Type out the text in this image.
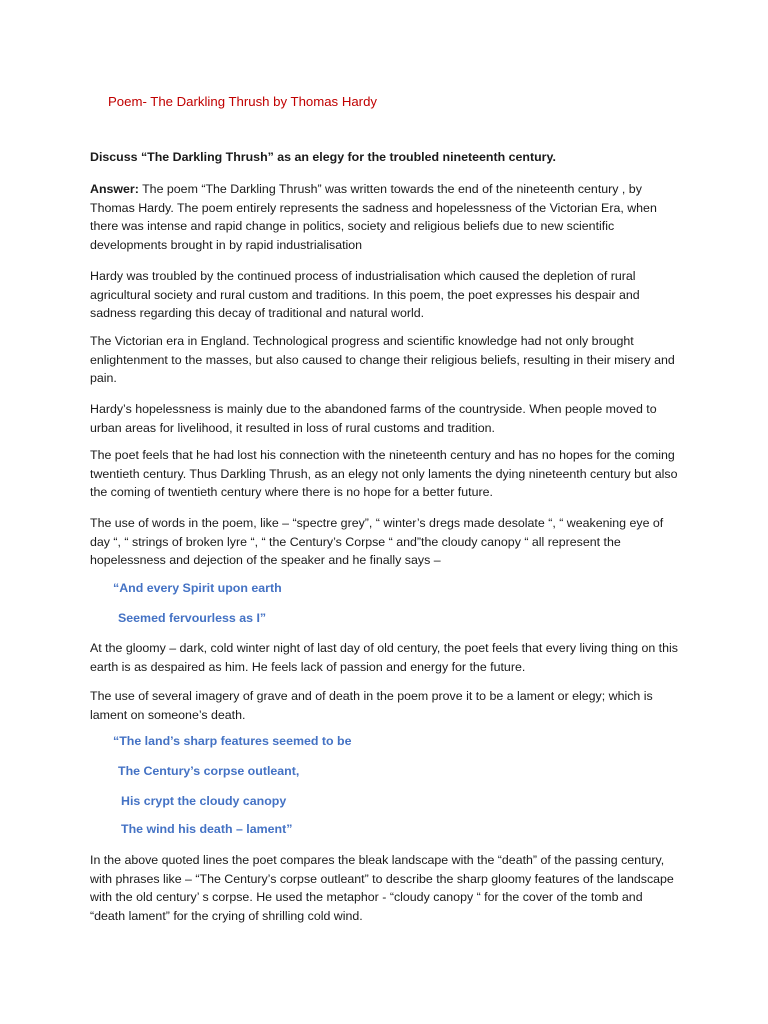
Poem- The Darkling Thrush by Thomas Hardy
Discuss “The Darkling Thrush” as an elegy for the troubled nineteenth century.

Answer: The poem “The Darkling Thrush” was written towards the end of the nineteenth century , by Thomas Hardy. The poem entirely represents the sadness and hopelessness of the Victorian Era, when there was intense and rapid change in politics, society and religious beliefs due to new scientific developments brought in by rapid industrialisation

Hardy was troubled by the continued process of industrialisation which caused the depletion of rural agricultural society and rural custom and traditions. In this poem, the poet expresses his despair and sadness regarding this decay of traditional and natural world.

The Victorian era in England. Technological progress and scientific knowledge had not only brought enlightenment to the masses, but also caused to change their religious beliefs, resulting in their misery and pain.

Hardy’s hopelessness is mainly due to the abandoned farms of the countryside. When people moved to urban areas for livelihood, it resulted in loss of rural customs and tradition.

The poet feels that he had lost his connection with the nineteenth century and has no hopes for the coming twentieth century. Thus Darkling Thrush, as an elegy not only laments the dying nineteenth century but also the coming of twentieth century where there is no hope for a better future.

The use of words in the poem, like – “spectre grey”, “ winter’s dregs made desolate “, “ weakening eye of day “, “ strings of broken lyre “, “ the Century’s Corpse “ and”the cloudy canopy “ all represent the hopelessness and dejection of the speaker and he finally says –

“And every Spirit upon earth
Seemed fervourless as I”

At the gloomy – dark, cold winter night of last day of old century, the poet feels that every living thing on this earth is as despaired as him. He feels lack of passion and energy for the future.

The use of several imagery of grave and of death in the poem prove it to be a lament or elegy; which is lament on someone’s death.

“The land’s sharp features seemed to be
The Century’s corpse outleant,
His crypt the cloudy canopy
The wind his death – lament”

In the above quoted lines the poet compares the bleak landscape with the “death” of the passing century, with phrases like – “The Century’s corpse outleant” to describe the sharp gloomy features of the landscape with the old century’ s corpse. He used the metaphor - “cloudy canopy “ for the cover of the tomb and “death lament” for the crying of shrilling cold wind.
